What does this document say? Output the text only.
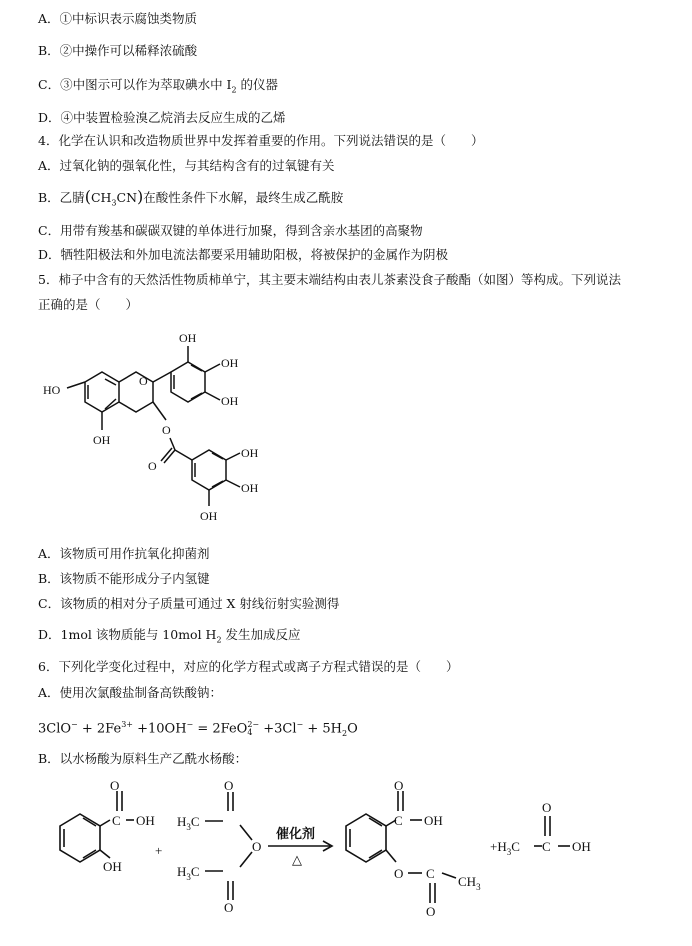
A．①中标识表示腐蚀类物质
B．②中操作可以稀释浓硫酸
C．③中图示可以作为萃取碘水中 $I_2$ 的仪器
D．④中装置检验溴乙烷消去反应生成的乙烯
4．化学在认识和改造物质世界中发挥着重要的作用。下列说法错误的是（　　）
A．过氧化钠的强氧化性，与其结构含有的过氧键有关
B．乙腈$(CH_3CN)$在酸性条件下水解，最终生成乙酰胺
C．用带有羧基和碳碳双键的单体进行加聚，得到含亲水基团的高聚物
D．牺牲阳极法和外加电流法都要采用辅助阳极，将被保护的金属作为阴极
5．柿子中含有的天然活性物质柿单宁，其主要末端结构由表儿茶素没食子酸酯（如图）等构成。下列说法
正确的是（　　）
O
HO
OH
OH
OH
OH
O
O
OH
OH
OH
A．该物质可用作抗氧化抑菌剂
B．该物质不能形成分子内氢键
C．该物质的相对分子质量可通过 X 射线衍射实验测得
D．1mol 该物质能与 10mol $H_2$ 发生加成反应
6．下列化学变化过程中，对应的化学方程式或离子方程式错误的是（　　）
A．使用次氯酸盐制备高铁酸钠：
$3ClO^- + 2Fe^{3+} +10OH^- = 2FeO$ 2−
$4 +3Cl^- + 5H_2O$
B．以水杨酸为原料生产乙酰水杨酸：
O
C OH
OH
+
$H_3C$
O
O
$H_3C$
O
催化剂
△
O
C OH
O C
O
$CH_3$
$+H_3C$ C
O
OH
